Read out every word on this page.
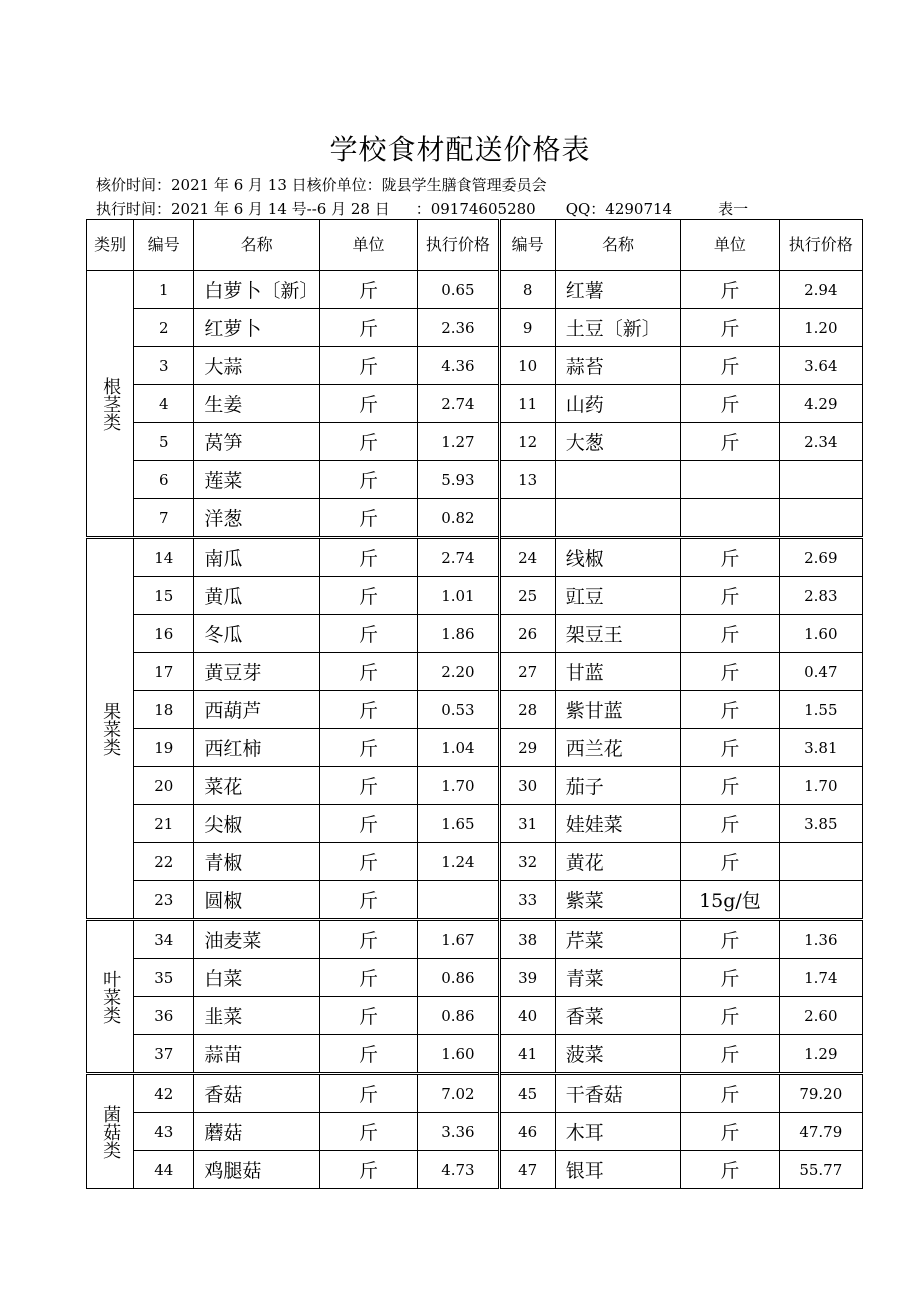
学校食材配送价格表
核价时间：2021 年 6 月 13 日核价单位：陇县学生膳食管理委员会
执行时间：2021 年 6 月 14 号--6 月 28 日 ：09174605280 QQ：4290714	表一
类别	编号	名称	单位	执行价格	编号	名称	单位	执行价格
根茎类	1	白萝卜〔新〕	斤	0.65	8	红薯	斤	2.94
	2	红萝卜	斤	2.36	9	土豆〔新〕	斤	1.20
	3	大蒜	斤	4.36	10	蒜苔	斤	3.64
	4	生姜	斤	2.74	11	山药	斤	4.29
	5	莴笋	斤	1.27	12	大葱	斤	2.34
	6	莲菜	斤	5.93	13			
	7	洋葱	斤	0.82				
果菜类	14	南瓜	斤	2.74	24	线椒	斤	2.69
	15	黄瓜	斤	1.01	25	豇豆	斤	2.83
	16	冬瓜	斤	1.86	26	架豆王	斤	1.60
	17	黄豆芽	斤	2.20	27	甘蓝	斤	0.47
	18	西葫芦	斤	0.53	28	紫甘蓝	斤	1.55
	19	西红柿	斤	1.04	29	西兰花	斤	3.81
	20	菜花	斤	1.70	30	茄子	斤	1.70
	21	尖椒	斤	1.65	31	娃娃菜	斤	3.85
	22	青椒	斤	1.24	32	黄花	斤	
	23	圆椒	斤		33	紫菜	15g/包	
叶菜类	34	油麦菜	斤	1.67	38	芹菜	斤	1.36
	35	白菜	斤	0.86	39	青菜	斤	1.74
	36	韭菜	斤	0.86	40	香菜	斤	2.60
	37	蒜苗	斤	1.60	41	菠菜	斤	1.29
菌菇类	42	香菇	斤	7.02	45	干香菇	斤	79.20
	43	蘑菇	斤	3.36	46	木耳	斤	47.79
	44	鸡腿菇	斤	4.73	47	银耳	斤	55.77
